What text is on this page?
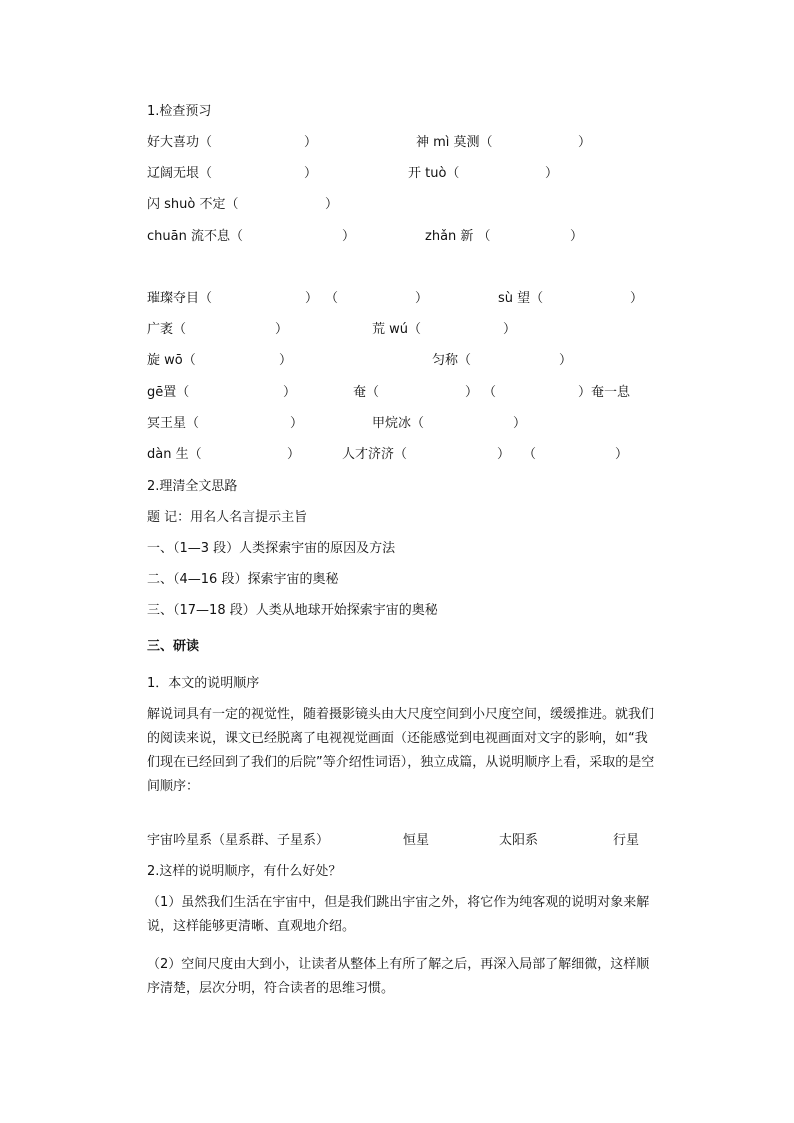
1.检查预习
好大喜功（	）	神 mì 莫测（	）
辽阔无垠（	）	开 tuò（	）
闪 shuò 不定（	）
chuān 流不息（	）	zhǎn 新 （	）
璀璨夺目（	） （	）	sù 望（	）
广袤（	）	荒 wú（	）
旋 wō（	）	匀称（	）
gē置（	）	奄（	） （	）奄一息
冥王星（	）	甲烷冰（	）
dàn 生（	）	人才济济（	） （	）
2.理清全文思路
题 记：用名人名言提示主旨
一、（1—3 段）人类探索宇宙的原因及方法
二、（4—16 段）探索宇宙的奥秘
三、（17—18 段）人类从地球开始探索宇宙的奥秘
三、研读
1．本文的说明顺序
解说词具有一定的视觉性，随着摄影镜头由大尺度空间到小尺度空间，缓缓推进。就我们的阅读来说，课文已经脱离了电视视觉画面（还能感觉到电视画面对文字的影响，如“我们现在已经回到了我们的后院”等介绍性词语），独立成篇，从说明顺序上看，采取的是空间顺序：
宇宙吟星系（星系群、子星系）	恒星	太阳系	行星
2.这样的说明顺序，有什么好处？
（1）虽然我们生活在宇宙中，但是我们跳出宇宙之外，将它作为纯客观的说明对象来解说，这样能够更清晰、直观地介绍。
（2）空间尺度由大到小，让读者从整体上有所了解之后，再深入局部了解细微，这样顺序清楚，层次分明，符合读者的思维习惯。
